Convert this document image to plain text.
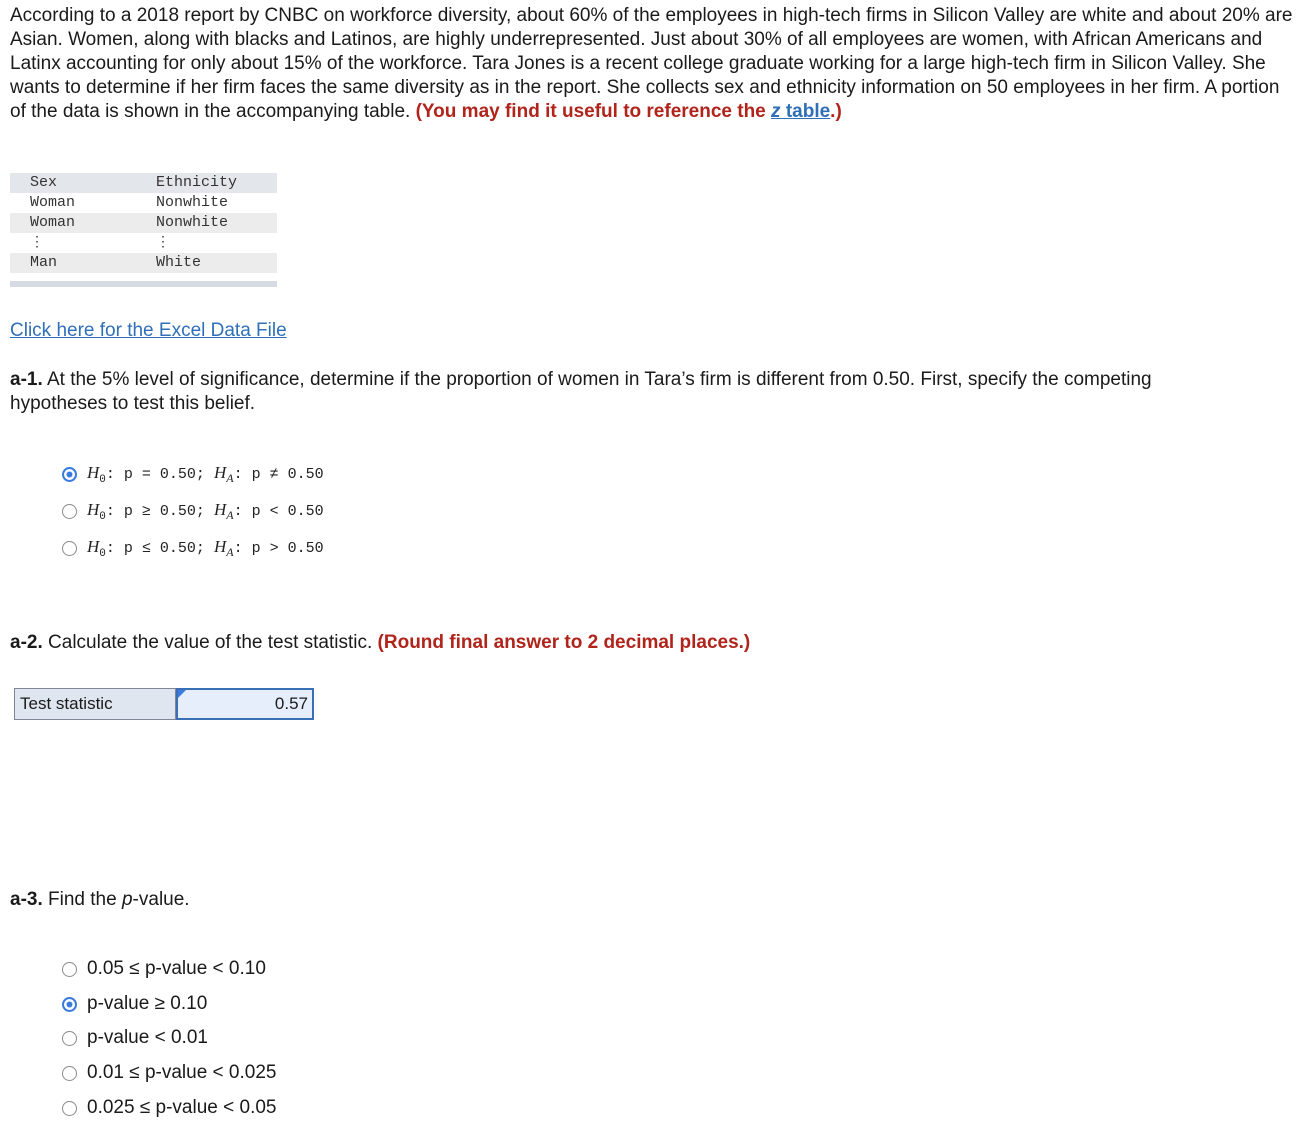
According to a 2018 report by CNBC on workforce diversity, about 60% of the employees in high-tech firms in Silicon Valley are white and about 20% are Asian. Women, along with blacks and Latinos, are highly underrepresented. Just about 30% of all employees are women, with African Americans and Latinx accounting for only about 15% of the workforce. Tara Jones is a recent college graduate working for a large high-tech firm in Silicon Valley. She wants to determine if her firm faces the same diversity as in the report. She collects sex and ethnicity information on 50 employees in her firm. A portion of the data is shown in the accompanying table. (You may find it useful to reference the z table.)

Sex	Ethnicity
Woman	Nonwhite
Woman	Nonwhite
⋮	⋮
Man	White
Click here for the Excel Data File

a-1. At the 5% level of significance, determine if the proportion of women in Tara’s firm is different from 0.50. First, specify the competing hypotheses to test this belief.

$H_0$: p = 0.50; $H_A$: p ≠ 0.50
$H_0$: p ≥ 0.50; $H_A$: p < 0.50
$H_0$: p ≤ 0.50; $H_A$: p > 0.50

a-2. Calculate the value of the test statistic. (Round final answer to 2 decimal places.)

Test statistic	0.57

a-3. Find the p-value.

0.05 ≤ p-value < 0.10
p-value ≥ 0.10
p-value < 0.01
0.01 ≤ p-value < 0.025
0.025 ≤ p-value < 0.05
